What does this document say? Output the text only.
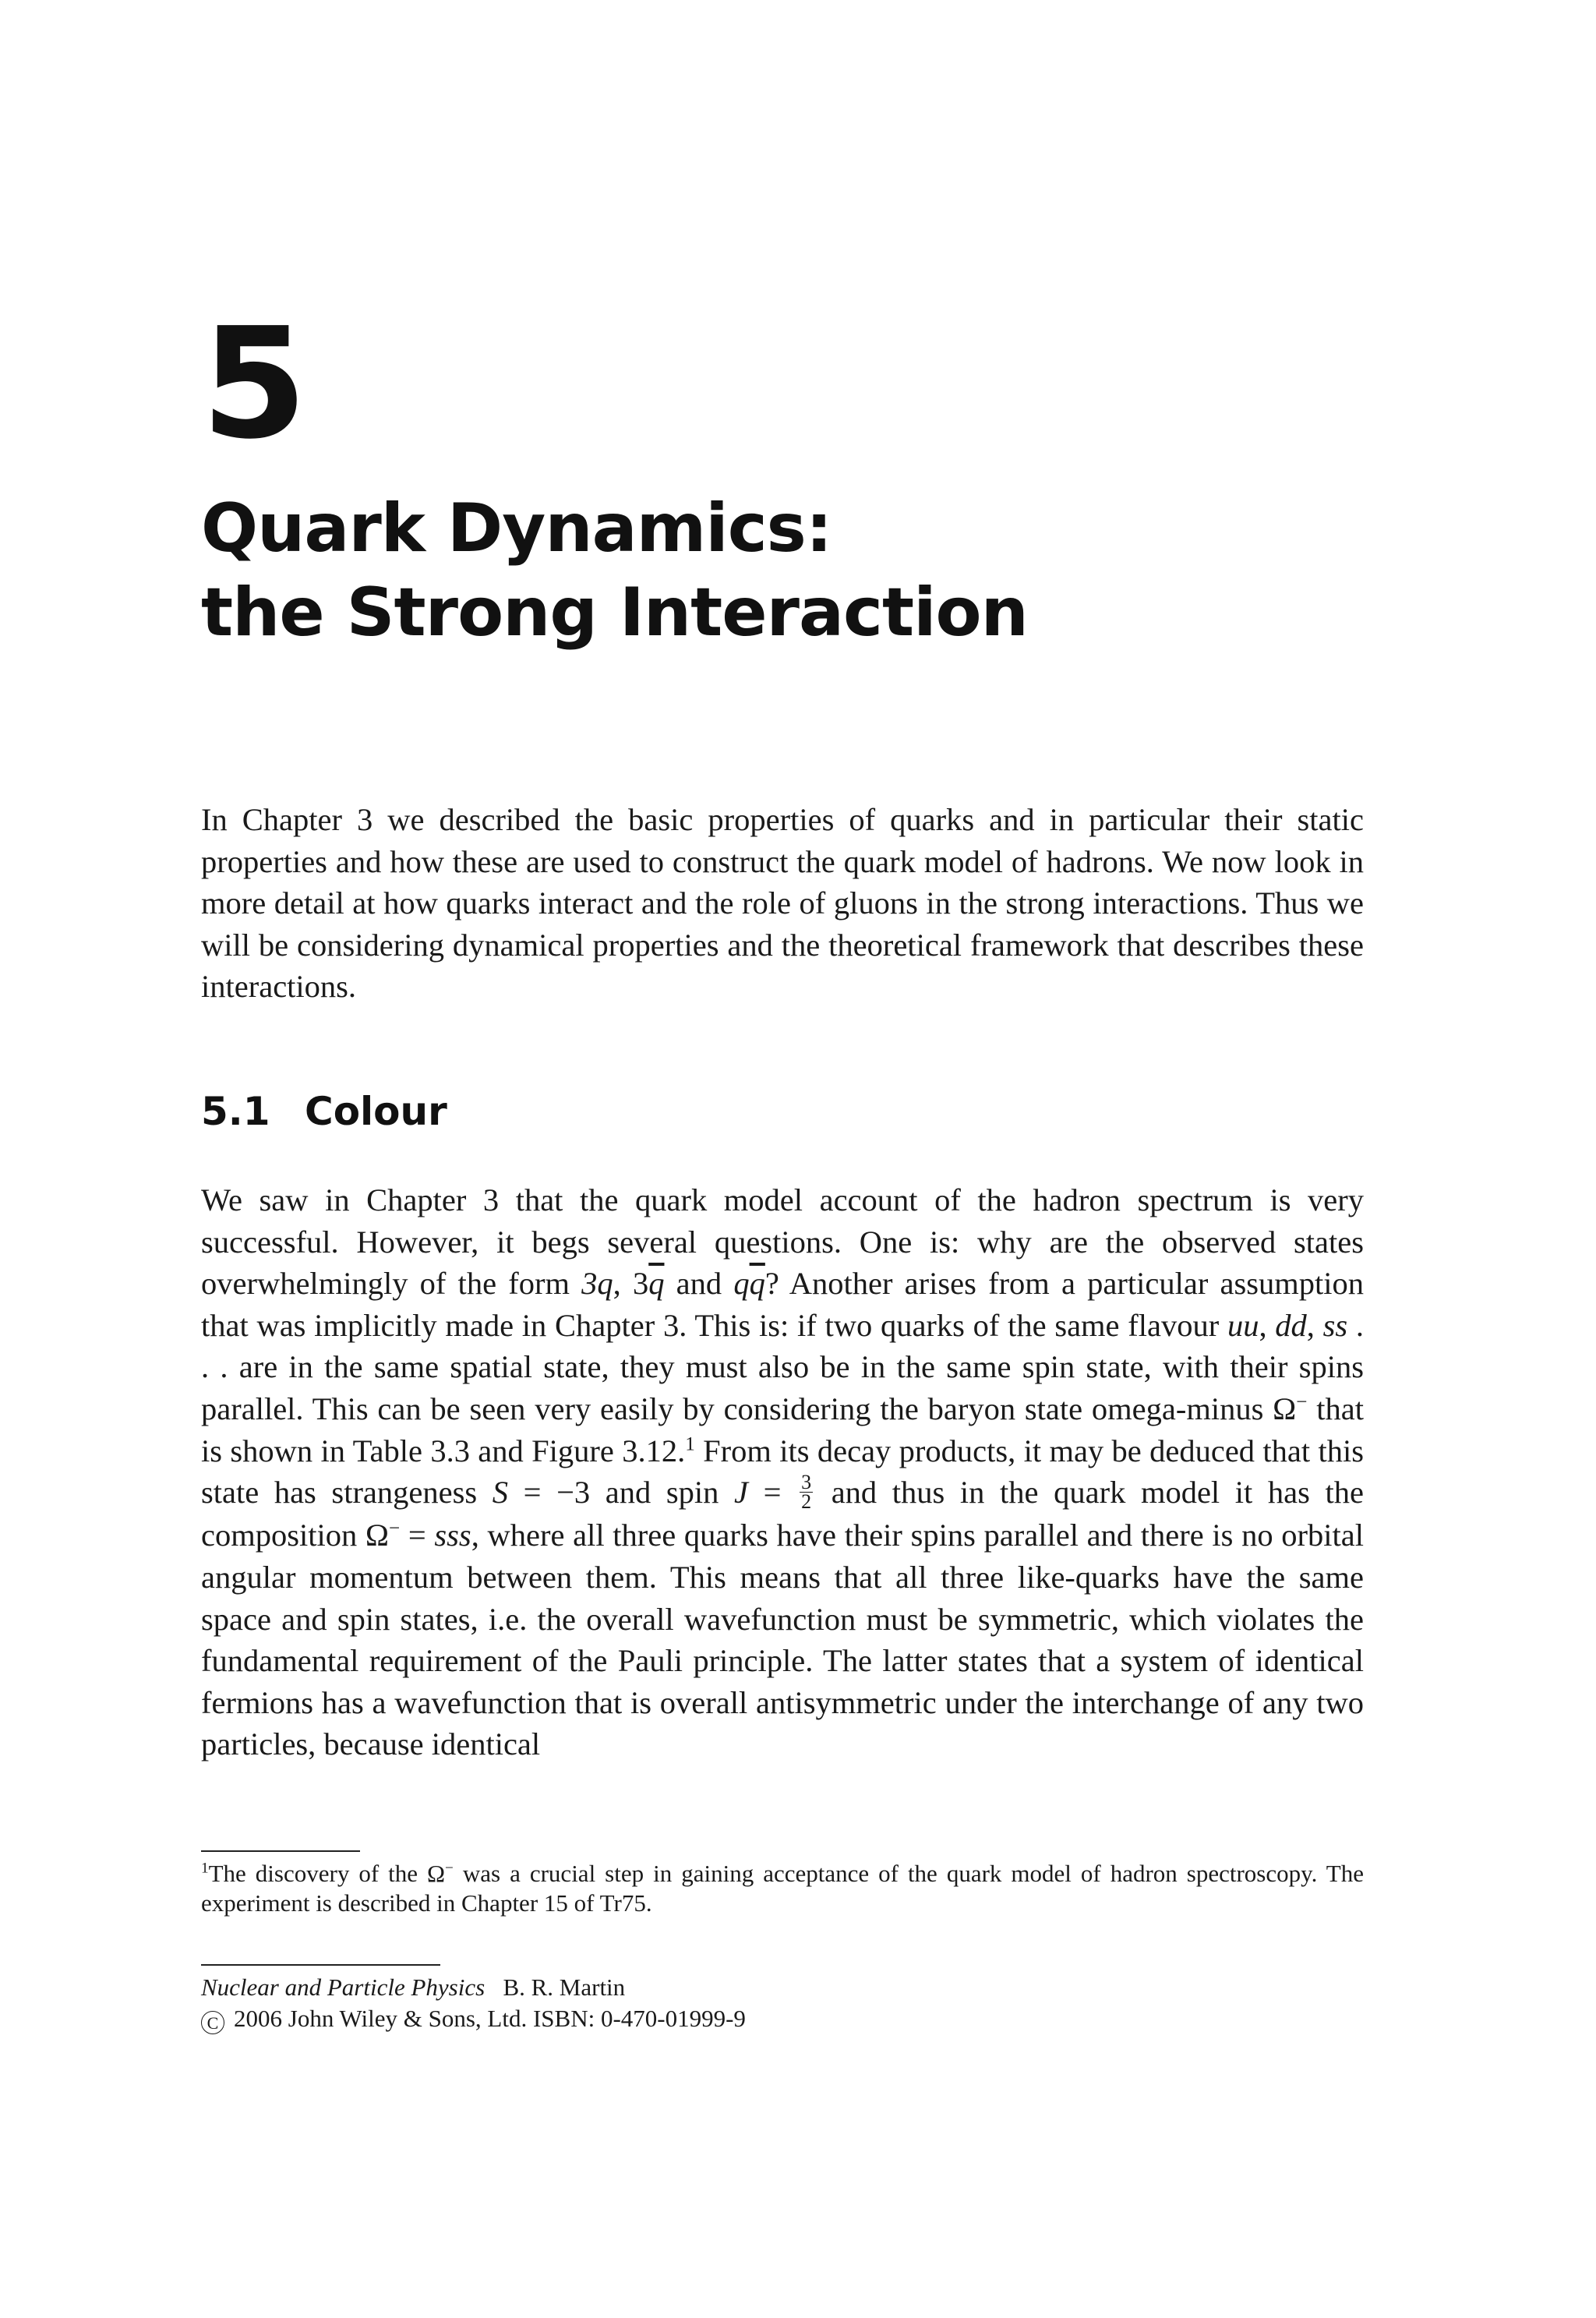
5
Quark Dynamics:
the Strong Interaction

In Chapter 3 we described the basic properties of quarks and in particular their static properties and how these are used to construct the quark model of hadrons. We now look in more detail at how quarks interact and the role of gluons in the strong interactions. Thus we will be considering dynamical properties and the theoretical framework that describes these interactions.

5.1 Colour

We saw in Chapter 3 that the quark model account of the hadron spectrum is very successful. However, it begs several questions. One is: why are the observed states overwhelmingly of the form 3q, $3\overline{q}$ and $q\overline{q}$? Another arises from a particular assumption that was implicitly made in Chapter 3. This is: if two quarks of the same flavour uu, dd, ss . . . are in the same spatial state, they must also be in the same spin state, with their spins parallel. This can be seen very easily by considering the baryon state omega-minus Ω− that is shown in Table 3.3 and Figure 3.12.$^1$ From its decay products, it may be deduced that this state has strangeness S = −3 and spin $J = \frac{3}{2}$ and thus in the quark model it has the composition Ω− = sss, where all three quarks have their spins parallel and there is no orbital angular momentum between them. This means that all three like-quarks have the same space and spin states, i.e. the overall wavefunction must be symmetric, which violates the fundamental requirement of the Pauli principle. The latter states that a system of identical fermions has a wavefunction that is overall antisymmetric under the interchange of any two particles, because identical

$^1$The discovery of the Ω− was a crucial step in gaining acceptance of the quark model of hadron spectroscopy. The experiment is described in Chapter 15 of Tr75.

Nuclear and Particle Physics B. R. Martin
C 2006 John Wiley & Sons, Ltd. ISBN: 0-470-01999-9
